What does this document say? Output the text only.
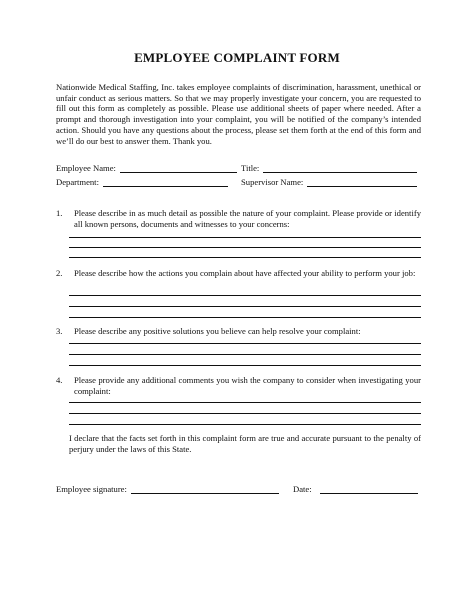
EMPLOYEE COMPLAINT FORM
Nationwide Medical Staffing, Inc. takes employee complaints of discrimination, harassment, unethical or unfair conduct as serious matters. So that we may properly investigate your concern, you are requested to fill out this form as completely as possible. Please use additional sheets of paper where needed. After a prompt and thorough investigation into your complaint, you will be notified of the company’s intended action. Should you have any questions about the process, please set them forth at the end of this form and we’ll do our best to answer them. Thank you.
Employee Name:	Title:
Department:	Supervisor Name:
1. Please describe in as much detail as possible the nature of your complaint. Please provide or identify all known persons, documents and witnesses to your concerns:
2. Please describe how the actions you complain about have affected your ability to perform your job:
3. Please describe any positive solutions you believe can help resolve your complaint:
4. Please provide any additional comments you wish the company to consider when investigating your complaint:
I declare that the facts set forth in this complaint form are true and accurate pursuant to the penalty of perjury under the laws of this State.
Employee signature:	Date:
